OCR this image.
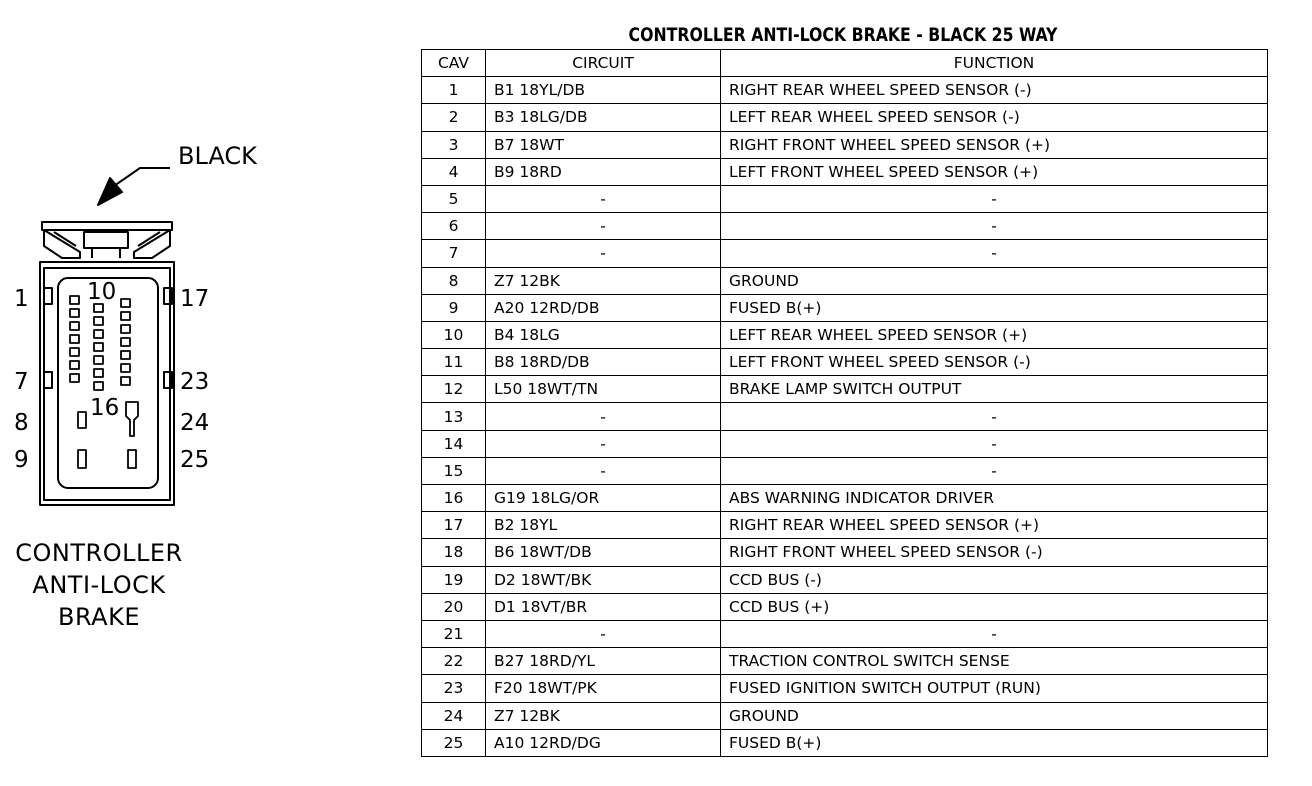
BLACK
1	10	17
7	23
16
8	24
9	25
CONTROLLER
ANTI-LOCK
BRAKE
CONTROLLER ANTI-LOCK BRAKE - BLACK 25 WAY
CAV	CIRCUIT	FUNCTION
1	B1 18YL/DB	RIGHT REAR WHEEL SPEED SENSOR (-)
2	B3 18LG/DB	LEFT REAR WHEEL SPEED SENSOR (-)
3	B7 18WT	RIGHT FRONT WHEEL SPEED SENSOR (+)
4	B9 18RD	LEFT FRONT WHEEL SPEED SENSOR (+)
5	-	-
6	-	-
7	-	-
8	Z7 12BK	GROUND
9	A20 12RD/DB	FUSED B(+)
10	B4 18LG	LEFT REAR WHEEL SPEED SENSOR (+)
11	B8 18RD/DB	LEFT FRONT WHEEL SPEED SENSOR (-)
12	L50 18WT/TN	BRAKE LAMP SWITCH OUTPUT
13	-	-
14	-	-
15	-	-
16	G19 18LG/OR	ABS WARNING INDICATOR DRIVER
17	B2 18YL	RIGHT REAR WHEEL SPEED SENSOR (+)
18	B6 18WT/DB	RIGHT FRONT WHEEL SPEED SENSOR (-)
19	D2 18WT/BK	CCD BUS (-)
20	D1 18VT/BR	CCD BUS (+)
21	-	-
22	B27 18RD/YL	TRACTION CONTROL SWITCH SENSE
23	F20 18WT/PK	FUSED IGNITION SWITCH OUTPUT (RUN)
24	Z7 12BK	GROUND
25	A10 12RD/DG	FUSED B(+)
